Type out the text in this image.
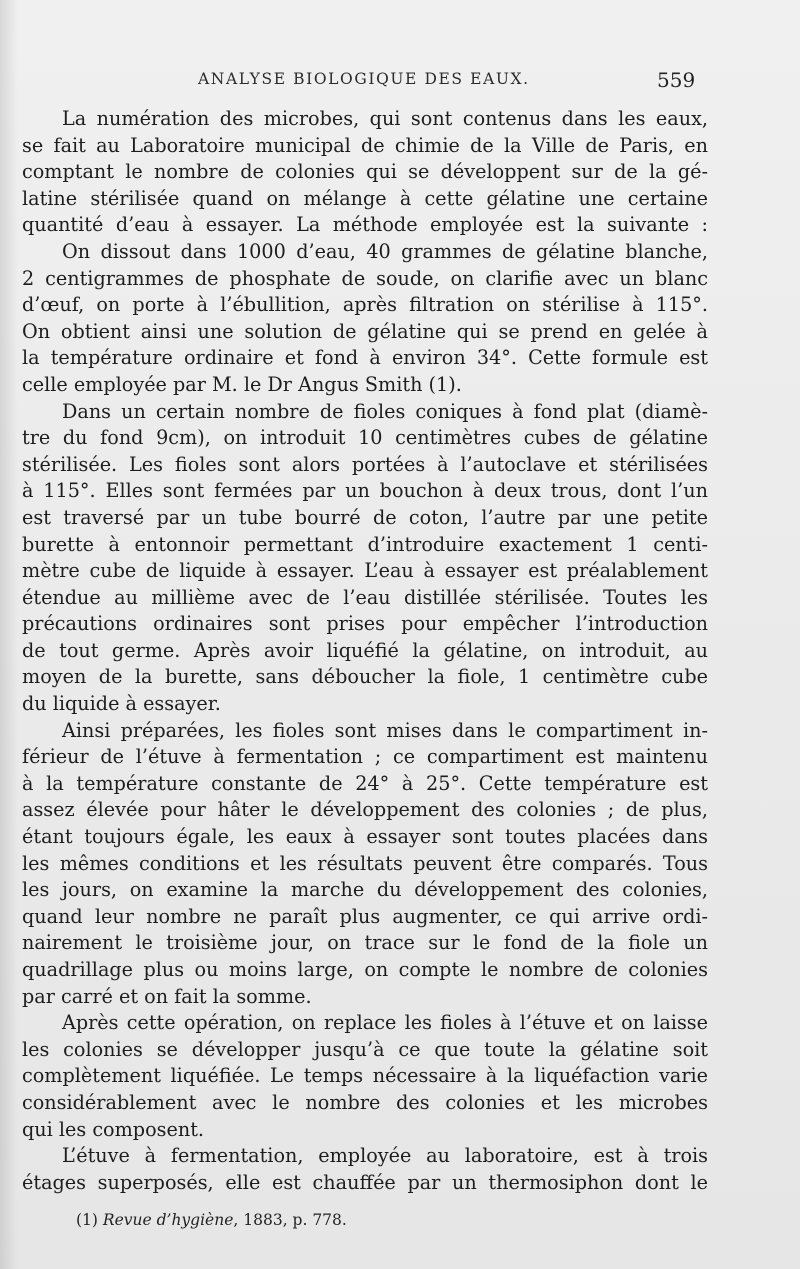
ANALYSE BIOLOGIQUE DES EAUX.	559
La numération des microbes, qui sont contenus dans les eaux,
se fait au Laboratoire municipal de chimie de la Ville de Paris, en
comptant le nombre de colonies qui se développent sur de la gé-
latine stérilisée quand on mélange à cette gélatine une certaine
quantité d’eau à essayer. La méthode employée est la suivante :
On dissout dans 1000 d’eau, 40 grammes de gélatine blanche,
2 centigrammes de phosphate de soude, on clarifie avec un blanc
d’œuf, on porte à l’ébullition, après filtration on stérilise à 115°.
On obtient ainsi une solution de gélatine qui se prend en gelée à
la température ordinaire et fond à environ 34°. Cette formule est
celle employée par M. le Dr Angus Smith (1).
Dans un certain nombre de fioles coniques à fond plat (diamè-
tre du fond 9cm), on introduit 10 centimètres cubes de gélatine
stérilisée. Les fioles sont alors portées à l’autoclave et stérilisées
à 115°. Elles sont fermées par un bouchon à deux trous, dont l’un
est traversé par un tube bourré de coton, l’autre par une petite
burette à entonnoir permettant d’introduire exactement 1 centi-
mètre cube de liquide à essayer. L’eau à essayer est préalablement
étendue au millième avec de l’eau distillée stérilisée. Toutes les
précautions ordinaires sont prises pour empêcher l’introduction
de tout germe. Après avoir liquéfié la gélatine, on introduit, au
moyen de la burette, sans déboucher la fiole, 1 centimètre cube
du liquide à essayer.
Ainsi préparées, les fioles sont mises dans le compartiment in-
férieur de l’étuve à fermentation ; ce compartiment est maintenu
à la température constante de 24° à 25°. Cette température est
assez élevée pour hâter le développement des colonies ; de plus,
étant toujours égale, les eaux à essayer sont toutes placées dans
les mêmes conditions et les résultats peuvent être comparés. Tous
les jours, on examine la marche du développement des colonies,
quand leur nombre ne paraît plus augmenter, ce qui arrive ordi-
nairement le troisième jour, on trace sur le fond de la fiole un
quadrillage plus ou moins large, on compte le nombre de colonies
par carré et on fait la somme.
Après cette opération, on replace les fioles à l’étuve et on laisse
les colonies se développer jusqu’à ce que toute la gélatine soit
complètement liquéfiée. Le temps nécessaire à la liquéfaction varie
considérablement avec le nombre des colonies et les microbes
qui les composent.
L’étuve à fermentation, employée au laboratoire, est à trois
étages superposés, elle est chauffée par un thermosiphon dont le
(1) Revue d’hygiène, 1883, p. 778.
